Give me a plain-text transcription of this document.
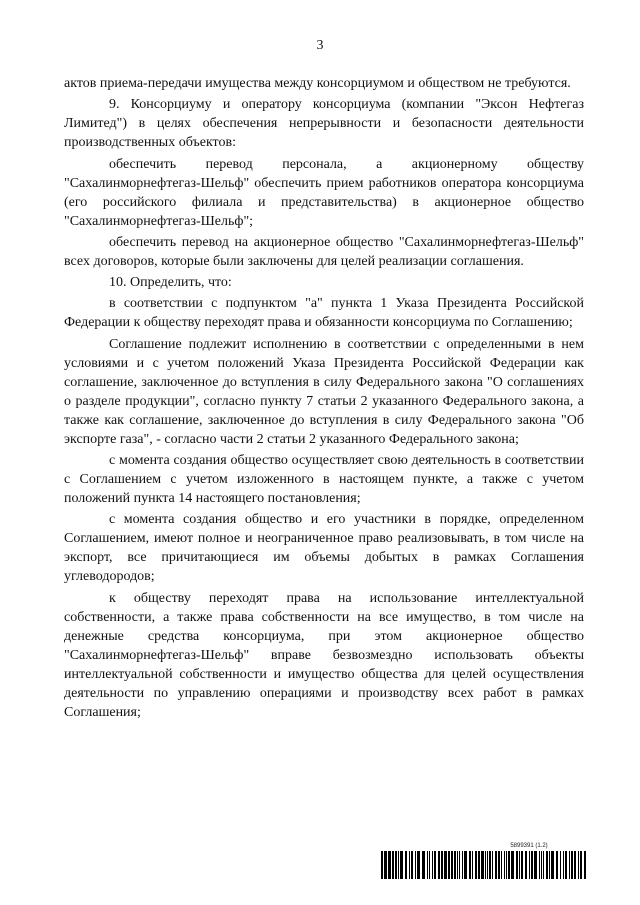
3

актов приема-передачи имущества между консорциумом и обществом не требуются.

9. Консорциуму и оператору консорциума (компании "Эксон Нефтегаз Лимитед") в целях обеспечения непрерывности и безопасности деятельности производственных объектов:

обеспечить перевод персонала, а акционерному обществу "Сахалинморнефтегаз-Шельф" обеспечить прием работников оператора консорциума (его российского филиала и представительства) в акционерное общество "Сахалинморнефтегаз-Шельф";

обеспечить перевод на акционерное общество "Сахалинморнефтегаз-Шельф" всех договоров, которые были заключены для целей реализации соглашения.

10. Определить, что:

в соответствии с подпунктом "а" пункта 1 Указа Президента Российской Федерации к обществу переходят права и обязанности консорциума по Соглашению;

Соглашение подлежит исполнению в соответствии с определенными в нем условиями и с учетом положений Указа Президента Российской Федерации как соглашение, заключенное до вступления в силу Федерального закона "О соглашениях о разделе продукции", согласно пункту 7 статьи 2 указанного Федерального закона, а также как соглашение, заключенное до вступления в силу Федерального закона "Об экспорте газа", - согласно части 2 статьи 2 указанного Федерального закона;

с момента создания общество осуществляет свою деятельность в соответствии с Соглашением с учетом изложенного в настоящем пункте, а также с учетом положений пункта 14 настоящего постановления;

с момента создания общество и его участники в порядке, определенном Соглашением, имеют полное и неограниченное право реализовывать, в том числе на экспорт, все причитающиеся им объемы добытых в рамках Соглашения углеводородов;

к обществу переходят права на использование интеллектуальной собственности, а также права собственности на все имущество, в том числе на денежные средства консорциума, при этом акционерное общество "Сахалинморнефтегаз-Шельф" вправе безвозмездно использовать объекты интеллектуальной собственности и имущество общества для целей осуществления деятельности по управлению операциями и производству всех работ в рамках Соглашения;

5899391 (1.2)
